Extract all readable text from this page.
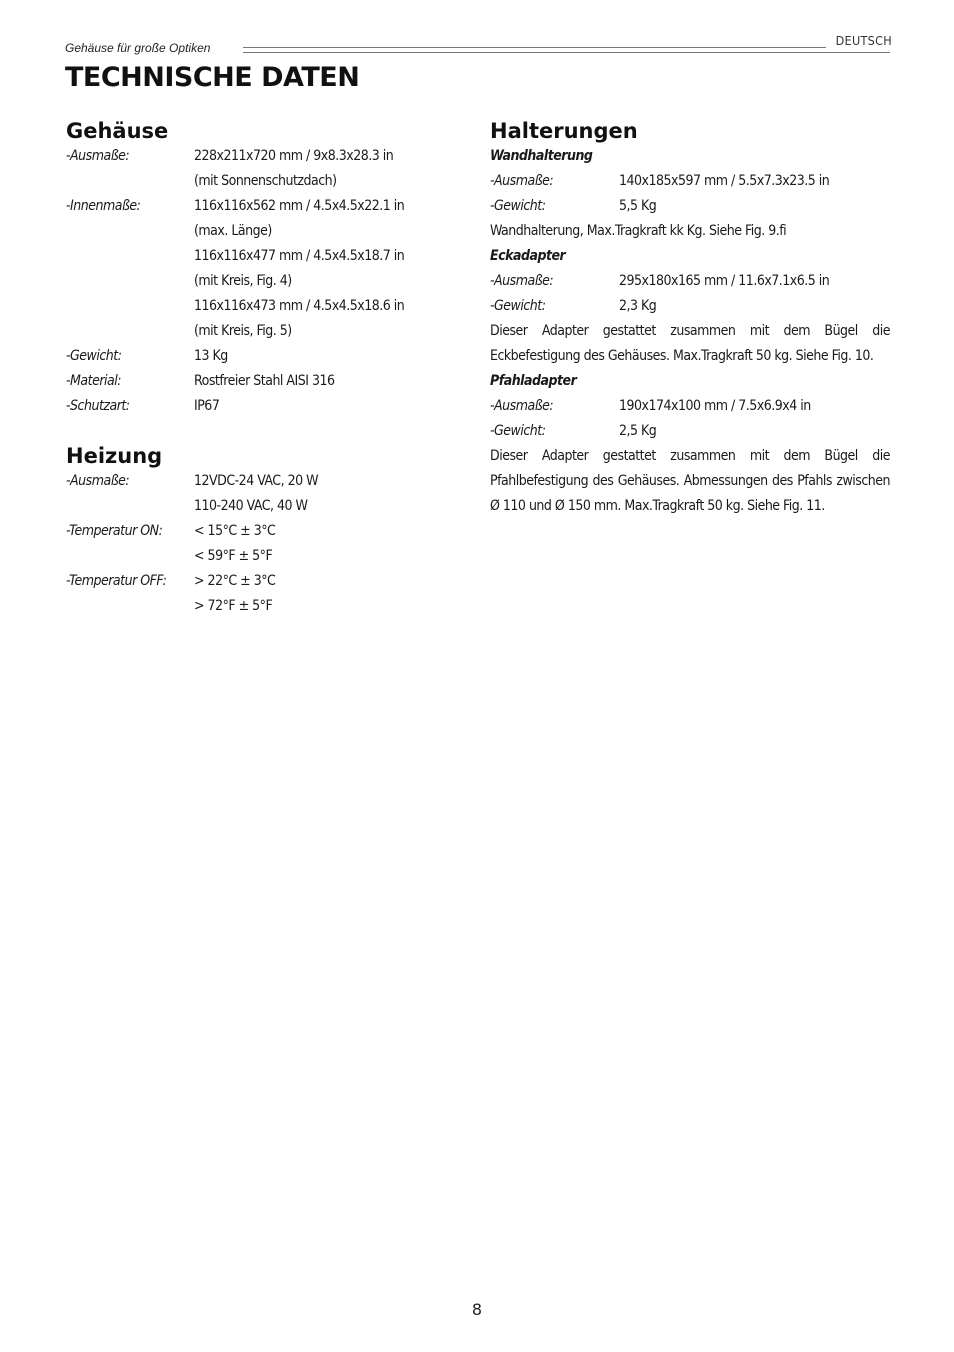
Gehäuse für große Optiken	DEUTSCH
TECHNISCHE DATEN
Gehäuse
-Ausmaße:	228x211x720 mm / 9x8.3x28.3 in
(mit Sonnenschutzdach)
-Innenmaße:	116x116x562 mm / 4.5x4.5x22.1 in
(max. Länge)
116x116x477 mm / 4.5x4.5x18.7 in
(mit Kreis, Fig. 4)
116x116x473 mm / 4.5x4.5x18.6 in
(mit Kreis, Fig. 5)
-Gewicht:	13 Kg
-Material:	Rostfreier Stahl AISI 316
-Schutzart:	IP67
Heizung
-Ausmaße:	12VDC-24 VAC, 20 W
110-240 VAC, 40 W
-Temperatur ON:	< 15°C ± 3°C
< 59°F ± 5°F
-Temperatur OFF:	> 22°C ± 3°C
> 72°F ± 5°F
Halterungen
Wandhalterung
-Ausmaße:	140x185x597 mm / 5.5x7.3x23.5 in
-Gewicht:	5,5 Kg

Wandhalterung, Max.Tragkraft kk Kg. Siehe Fig. 9.fi

Eckadapter
-Ausmaße:	295x180x165 mm / 11.6x7.1x6.5 in
-Gewicht:	2,3 Kg

Dieser Adapter gestattet zusammen mit dem Bügel die Eckbefestigung des Gehäuses. Max.Tragkraft 50 kg. Siehe Fig. 10.

Pfahladapter
-Ausmaße:	190x174x100 mm / 7.5x6.9x4 in
-Gewicht:	2,5 Kg

Dieser Adapter gestattet zusammen mit dem Bügel die Pfahlbefestigung des Gehäuses. Abmessungen des Pfahls zwischen Ø 110 und Ø 150 mm. Max.Tragkraft 50 kg. Siehe Fig. 11.

8
